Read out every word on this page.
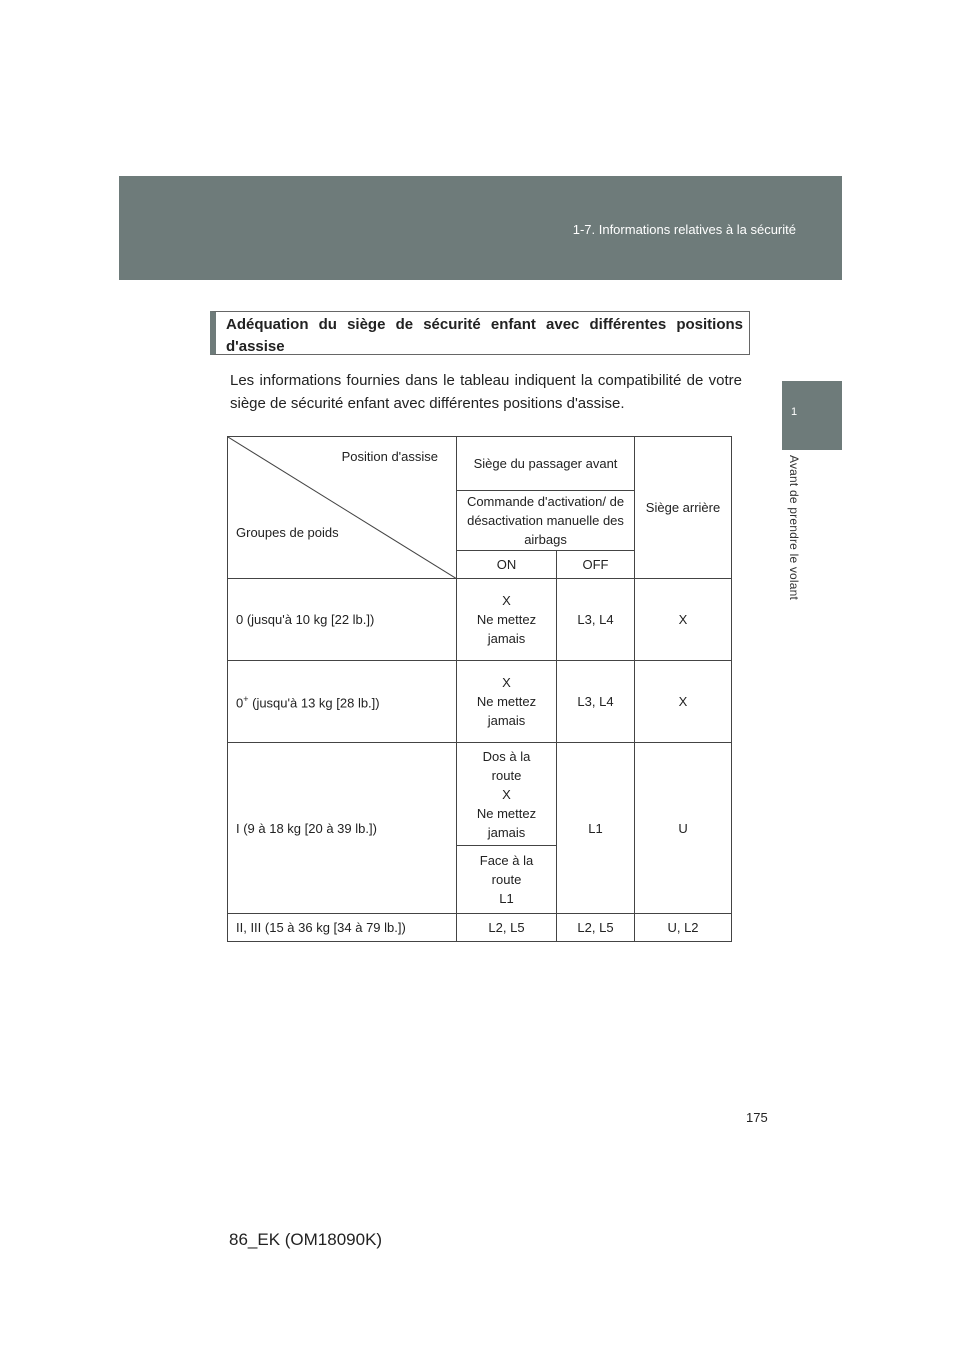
1-7. Informations relatives à la sécurité
1
Avant de prendre le volant
Adéquation du siège de sécurité enfant avec différentes positions d'assise
Les informations fournies dans le tableau indiquent la compatibilité de votre siège de sécurité enfant avec différentes positions d'assise.
Position d'assise
Groupes de poids	Siège du passager avant		Siège arrière
	Commande d'activation/ de désactivation manuelle des airbags		
	ON	OFF	
0 (jusqu'à 10 kg [22 lb.])	X
Ne mettez
jamais	L3, L4	X
0+ (jusqu'à 13 kg [28 lb.])	X
Ne mettez
jamais	L3, L4	X
I (9 à 18 kg [20 à 39 lb.])	Dos à la
route
X
Ne mettez
jamais	L1	U

	Face à la
route
L1		

II, III (15 à 36 kg [34 à 79 lb.])	L2, L5	L2, L5	U, L2
175
86_EK (OM18090K)
